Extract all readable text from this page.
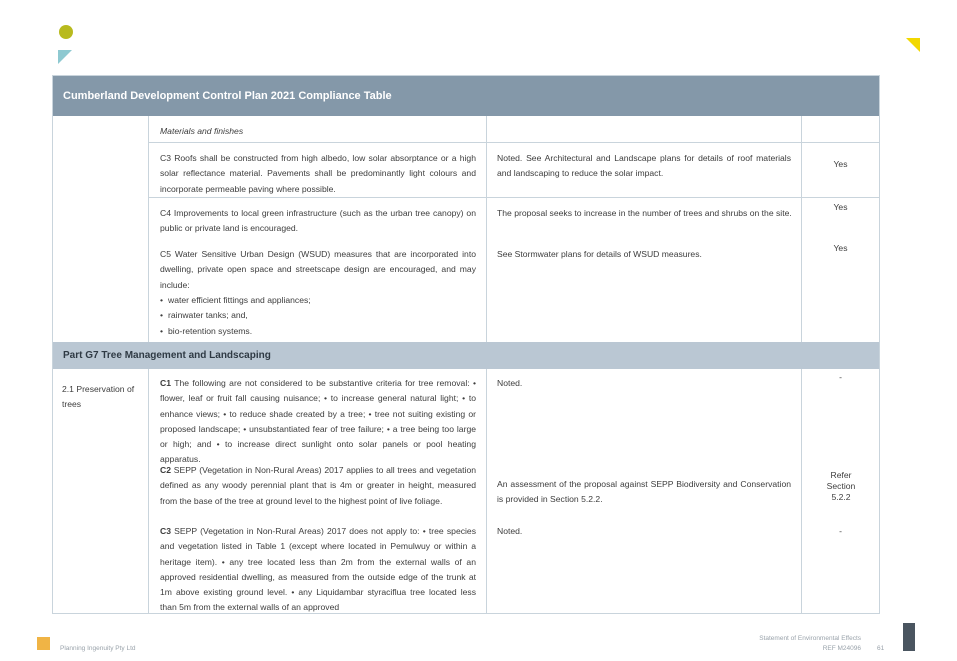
Cumberland Development Control Plan 2021 Compliance Table
Materials and finishes
C3 Roofs shall be constructed from high albedo, low solar absorptance or a high solar reflectance material. Pavements shall be predominantly light colours and incorporate permeable paving where possible.
Noted. See Architectural and Landscape plans for details of roof materials and landscaping to reduce the solar impact.
Yes
C4 Improvements to local green infrastructure (such as the urban tree canopy) on public or private land is encouraged.
The proposal seeks to increase in the number of trees and shrubs on the site.
Yes
C5 Water Sensitive Urban Design (WSUD) measures that are incorporated into dwelling, private open space and streetscape design are encouraged, and may include:
• water efficient fittings and appliances;
• rainwater tanks; and,
• bio-retention systems.
See Stormwater plans for details of WSUD measures.
Yes
Part G7 Tree Management and Landscaping
2.1 Preservation of trees
C1 The following are not considered to be substantive criteria for tree removal: • flower, leaf or fruit fall causing nuisance; • to increase general natural light; • to enhance views; • to reduce shade created by a tree; • tree not suiting existing or proposed landscape; • unsubstantiated fear of tree failure; • a tree being too large or high; and • to increase direct sunlight onto solar panels or pool heating apparatus.
Noted.
-
C2 SEPP (Vegetation in Non-Rural Areas) 2017 applies to all trees and vegetation defined as any woody perennial plant that is 4m or greater in height, measured from the base of the tree at ground level to the highest point of live foliage.
An assessment of the proposal against SEPP Biodiversity and Conservation is provided in Section 5.2.2.
Refer Section 5.2.2
C3 SEPP (Vegetation in Non-Rural Areas) 2017 does not apply to: • tree species and vegetation listed in Table 1 (except where located in Pemulwuy or within a heritage item). • any tree located less than 2m from the external walls of an approved residential dwelling, as measured from the outside edge of the trunk at 1m above existing ground level. • any Liquidambar styraciflua tree located less than 5m from the external walls of an approved
Noted.	-
Planning Ingenuity Pty Ltd
Statement of Environmental Effects
REF M24096 61
